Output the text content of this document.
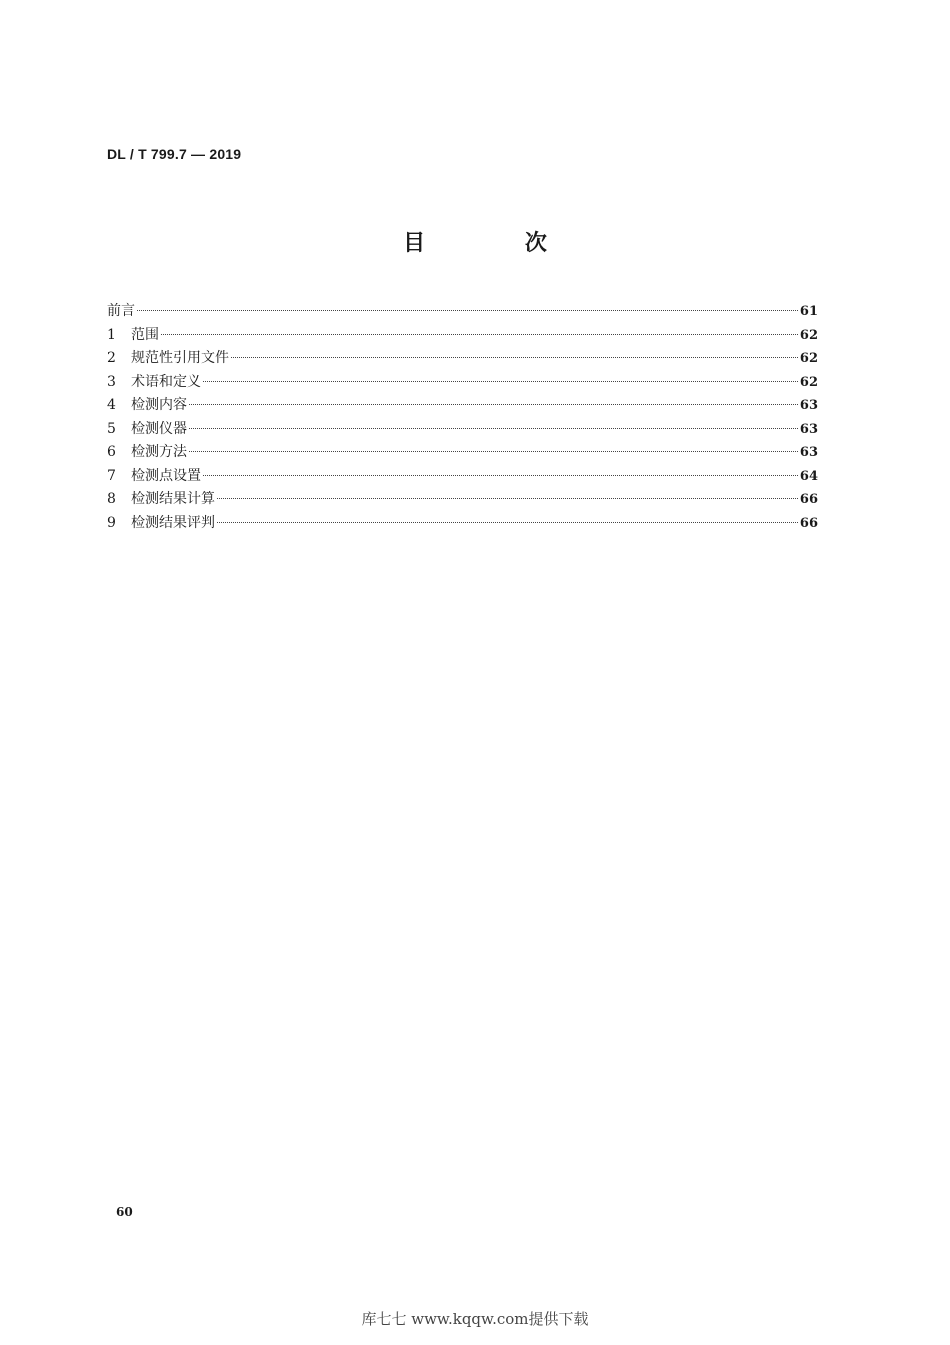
DL / T 799.7 — 2019
目 次
前言	61
1	范围	62
2	规范性引用文件	62
3	术语和定义	62
4	检测内容	63
5	检测仪器	63
6	检测方法	63
7	检测点设置	64
8	检测结果计算	66
9	检测结果评判	66
60
库七七 www.kqqw.com提供下载
